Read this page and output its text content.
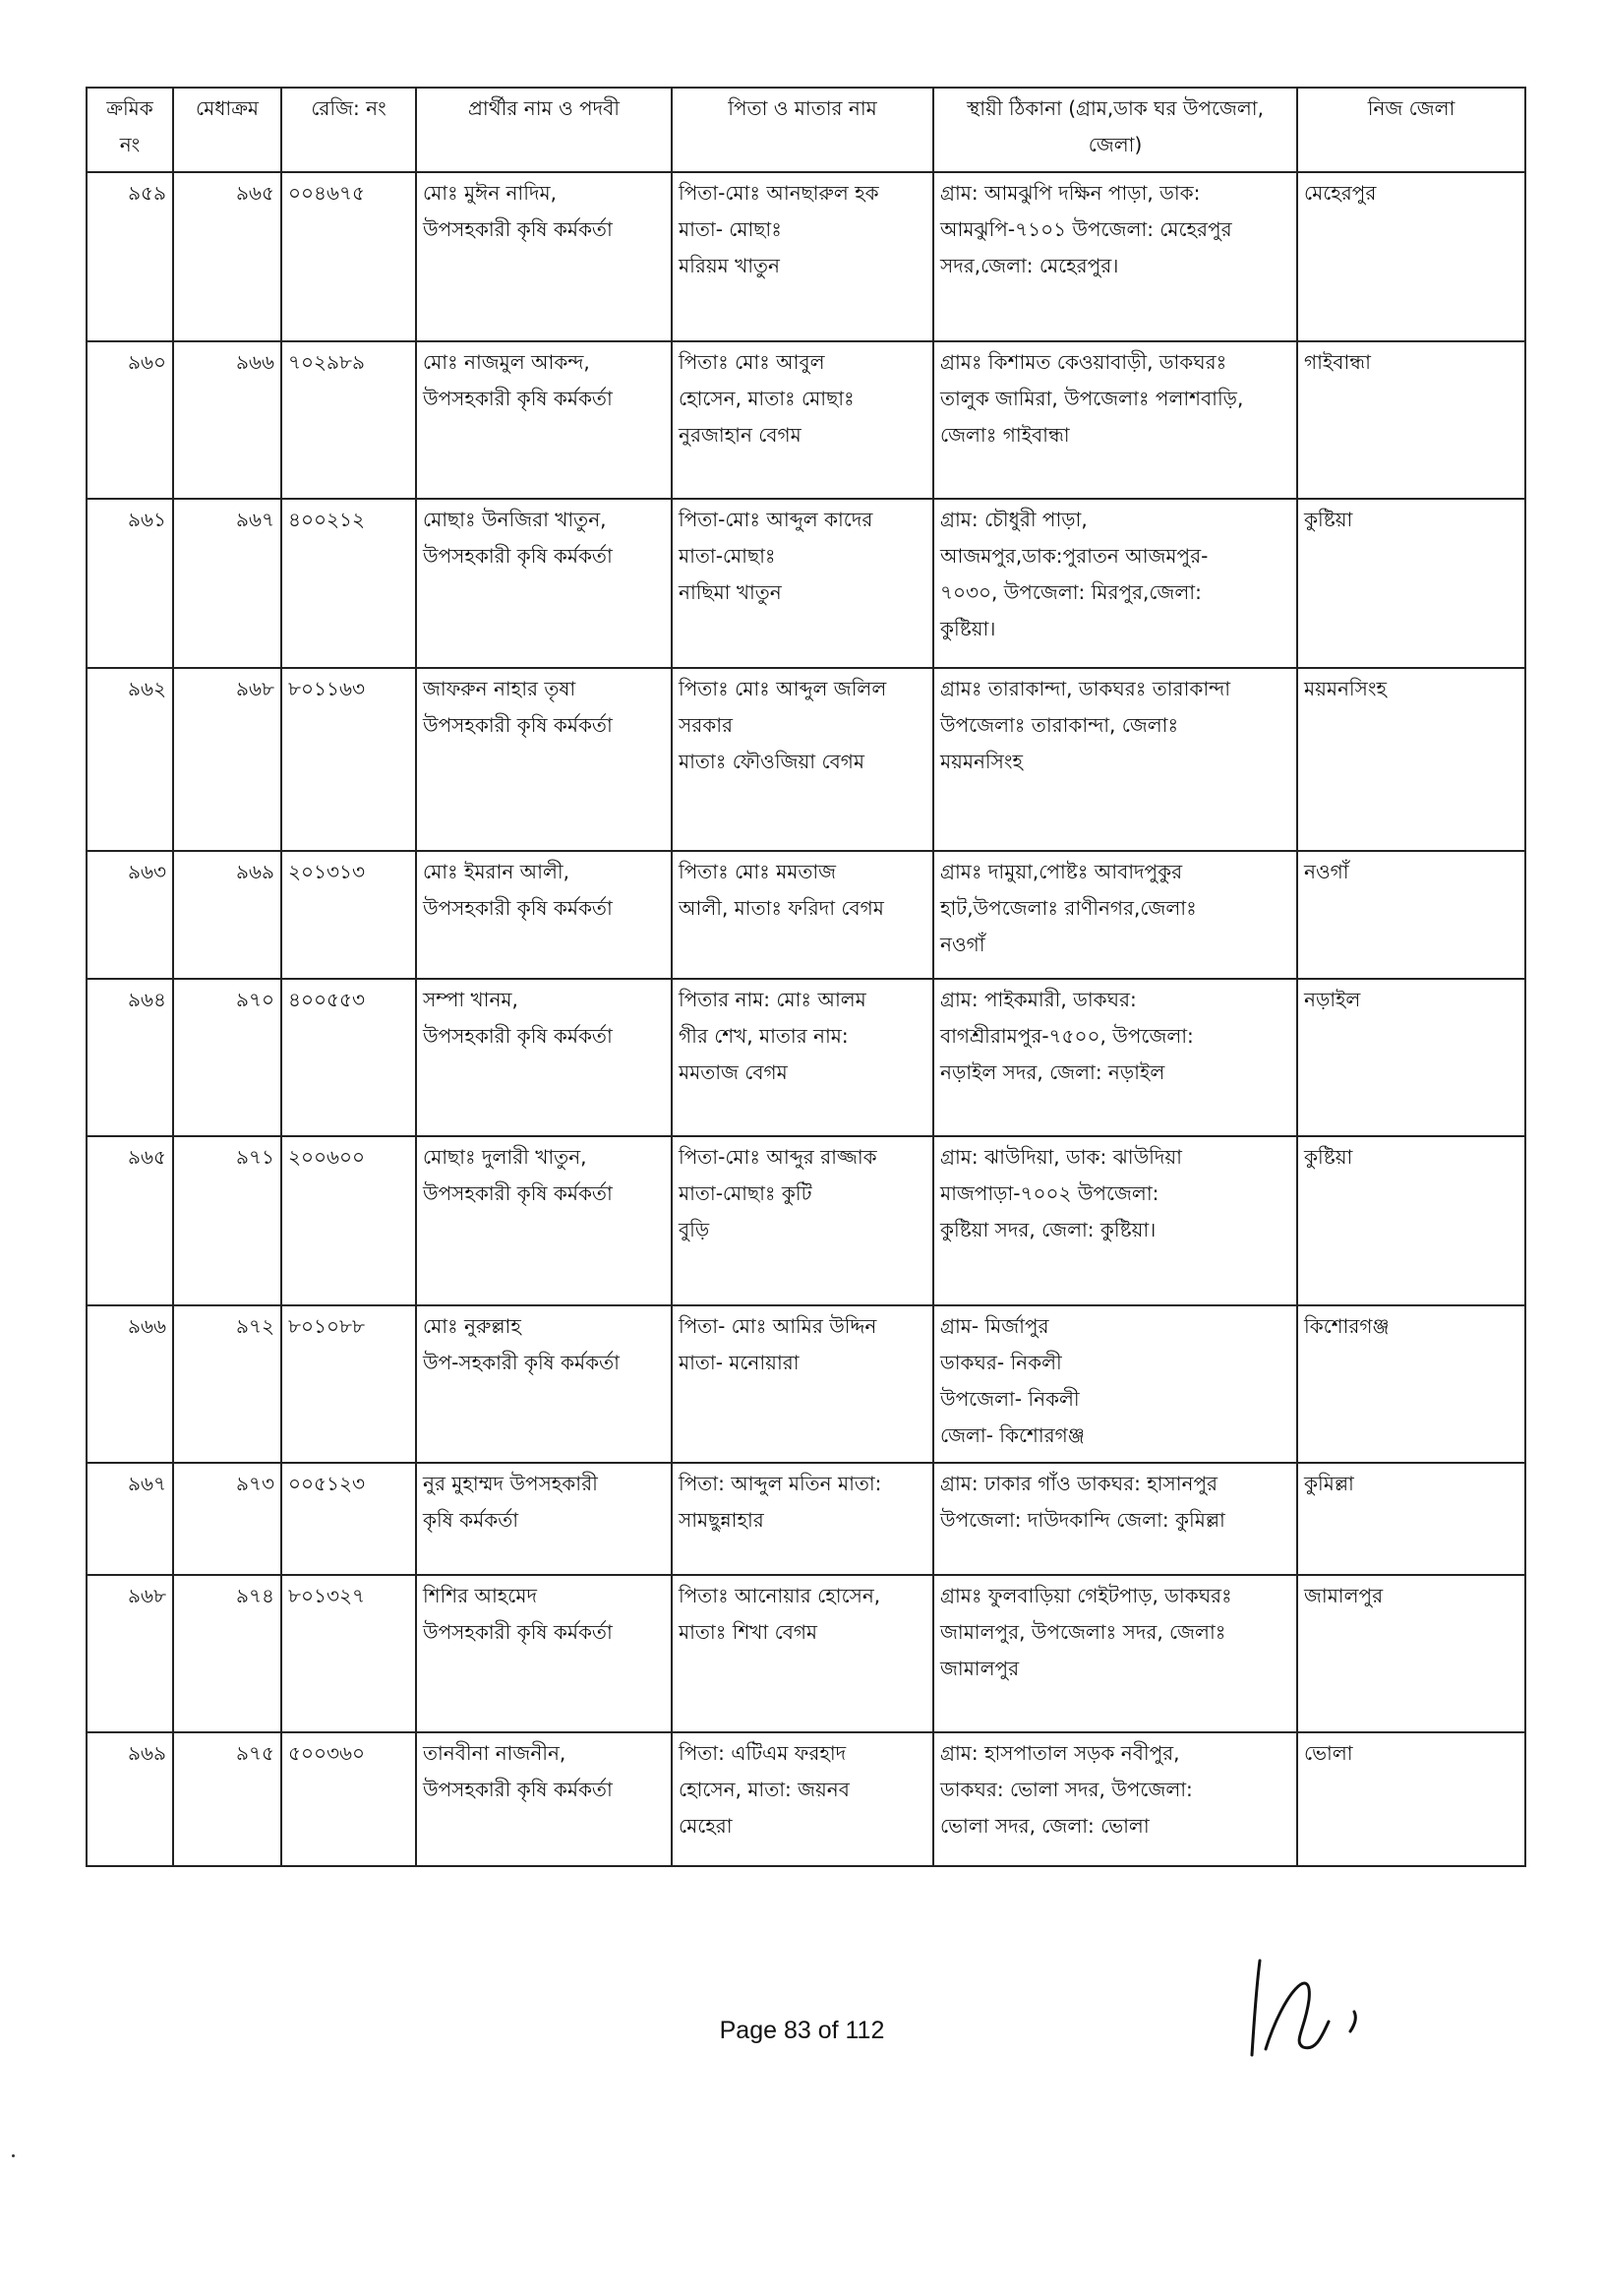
ক্রমিক নং	মেধাক্রম	রেজি: নং	প্রার্থীর নাম ও পদবী	পিতা ও মাতার নাম	স্থায়ী ঠিকানা (গ্রাম,ডাক ঘর উপজেলা, জেলা)	নিজ জেলা
৯৫৯	৯৬৫	০০৪৬৭৫	মোঃ মুঈন নাদিম,
উপসহকারী কৃষি কর্মকর্তা	পিতা-মোঃ আনছারুল হক
মাতা- মোছাঃ
মরিয়ম খাতুন	গ্রাম: আমঝুপি দক্ষিন পাড়া, ডাক:
আমঝুপি-৭১০১ উপজেলা: মেহেরপুর
সদর,জেলা: মেহেরপুর।	মেহেরপুর
৯৬০	৯৬৬	৭০২৯৮৯	মোঃ নাজমুল আকন্দ,
উপসহকারী কৃষি কর্মকর্তা	পিতাঃ মোঃ আবুল
হোসেন, মাতাঃ মোছাঃ
নুরজাহান বেগম	গ্রামঃ কিশামত কেওয়াবাড়ী, ডাকঘরঃ
তালুক জামিরা, উপজেলাঃ পলাশবাড়ি,
জেলাঃ গাইবান্ধা	গাইবান্ধা
৯৬১	৯৬৭	৪০০২১২	মোছাঃ উনজিরা খাতুন,
উপসহকারী কৃষি কর্মকর্তা	পিতা-মোঃ আব্দুল কাদের
মাতা-মোছাঃ
নাছিমা খাতুন	গ্রাম: চৌধুরী পাড়া,
আজমপুর,ডাক:পুরাতন আজমপুর-
৭০৩০, উপজেলা: মিরপুর,জেলা:
কুষ্টিয়া।	কুষ্টিয়া
৯৬২	৯৬৮	৮০১১৬৩	জাফরুন নাহার তৃষা
উপসহকারী কৃষি কর্মকর্তা	পিতাঃ মোঃ আব্দুল জলিল
সরকার
মাতাঃ ফৌওজিয়া বেগম	গ্রামঃ তারাকান্দা, ডাকঘরঃ তারাকান্দা
উপজেলাঃ তারাকান্দা, জেলাঃ
ময়মনসিংহ	ময়মনসিংহ
৯৬৩	৯৬৯	২০১৩১৩	মোঃ ইমরান আলী,
উপসহকারী কৃষি কর্মকর্তা	পিতাঃ মোঃ মমতাজ
আলী, মাতাঃ ফরিদা বেগম	গ্রামঃ দামুয়া,পোষ্টঃ আবাদপুকুর
হাট,উপজেলাঃ রাণীনগর,জেলাঃ
নওগাঁ	নওগাঁ
৯৬৪	৯৭০	৪০০৫৫৩	সম্পা খানম,
উপসহকারী কৃষি কর্মকর্তা	পিতার নাম: মোঃ আলম
গীর শেখ, মাতার নাম:
মমতাজ বেগম	গ্রাম: পাইকমারী, ডাকঘর:
বাগশ্রীরামপুর-৭৫০০, উপজেলা:
নড়াইল সদর, জেলা: নড়াইল	নড়াইল
৯৬৫	৯৭১	২০০৬০০	মোছাঃ দুলারী খাতুন,
উপসহকারী কৃষি কর্মকর্তা	পিতা-মোঃ আব্দুর রাজ্জাক
মাতা-মোছাঃ কুটি
বুড়ি	গ্রাম: ঝাউদিয়া, ডাক: ঝাউদিয়া
মাজপাড়া-৭০০২ উপজেলা:
কুষ্টিয়া সদর, জেলা: কুষ্টিয়া।	কুষ্টিয়া
৯৬৬	৯৭২	৮০১০৮৮	মোঃ নুরুল্লাহ
উপ-সহকারী কৃষি কর্মকর্তা	পিতা- মোঃ আমির উদ্দিন
মাতা- মনোয়ারা	গ্রাম- মির্জাপুর
ডাকঘর- নিকলী
উপজেলা- নিকলী
জেলা- কিশোরগঞ্জ	কিশোরগঞ্জ
৯৬৭	৯৭৩	০০৫১২৩	নুর মুহাম্মদ উপসহকারী
কৃষি কর্মকর্তা	পিতা: আব্দুল মতিন মাতা:
সামছুন্নাহার	গ্রাম: ঢাকার গাঁও ডাকঘর: হাসানপুর
উপজেলা: দাউদকান্দি জেলা: কুমিল্লা	কুমিল্লা
৯৬৮	৯৭৪	৮০১৩২৭	শিশির আহমেদ
উপসহকারী কৃষি কর্মকর্তা	পিতাঃ আনোয়ার হোসেন,
মাতাঃ শিখা বেগম	গ্রামঃ ফুলবাড়িয়া গেইটপাড়, ডাকঘরঃ
জামালপুর, উপজেলাঃ সদর, জেলাঃ
জামালপুর	জামালপুর
৯৬৯	৯৭৫	৫০০৩৬০	তানবীনা নাজনীন,
উপসহকারী কৃষি কর্মকর্তা	পিতা: এটিএম ফরহাদ
হোসেন, মাতা: জয়নব
মেহেরা	গ্রাম: হাসপাতাল সড়ক নবীপুর,
ডাকঘর: ভোলা সদর, উপজেলা:
ভোলা সদর, জেলা: ভোলা	ভোলা
Page 83 of 112
